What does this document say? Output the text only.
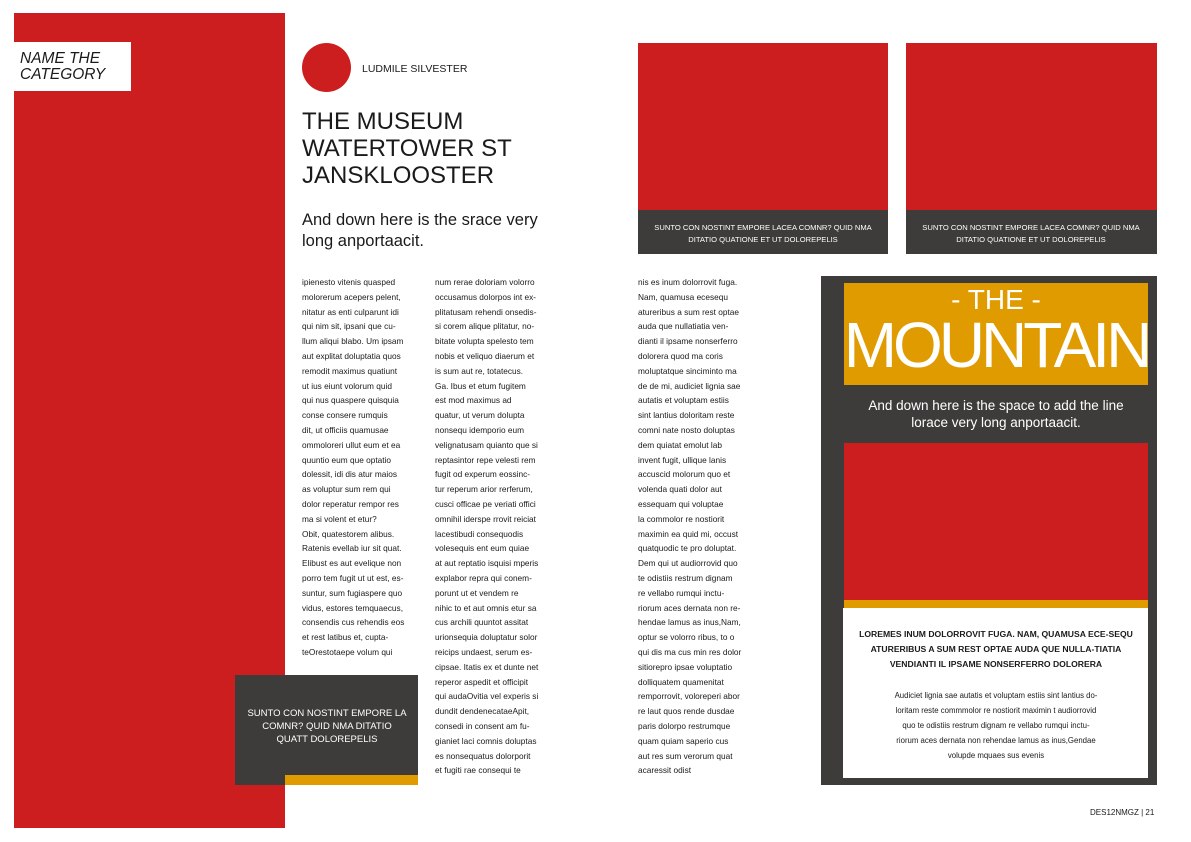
NAME THE CATEGORY	LUDMILE SILVESTER
THE MUSEUM WATERTOWER ST JANSKLOOSTER
And down here is the srace very long anportaacit.
ipienesto vitenis quasped
molorerum acepers pelent,
nitatur as enti culparunt idi
qui nim sit, ipsani que cu-
llum aliqui blabo. Um ipsam
aut explitat doluptatia quos
remodit maximus quatiunt
ut ius eiunt volorum quid
qui nus quaspere quisquia
conse consere rumquis
dit, ut officiis quamusae
ommoloreri ullut eum et ea
quuntio eum que optatio
dolessit, idi dis atur maios
as voluptur sum rem qui
dolor reperatur rempor res
ma si volent et etur?
Obit, quatestorem alibus.
Ratenis evellab iur sit quat.
Elibust es aut evelique non
porro tem fugit ut ut est, es-
suntur, sum fugiaspere quo
vidus, estores temquaecus,
consendis cus rehendis eos
et rest latibus et, cupta-
teOrestotaepe volum qui
num rerae doloriam volorro
occusamus dolorpos int ex-
plitatusam rehendi onsedis-
si corem alique plitatur, no-
bitate volupta spelesto tem
nobis et veliquo diaerum et
is sum aut re, totatecus.
Ga. Ibus et etum fugitem
est mod maximus ad
quatur, ut verum dolupta
nonsequ idemporio eum
velignatusam quianto que si
reptasintor repe velesti rem
fugit od experum eossinc-
tur reperum arior rerferum,
cusci officae pe veriati offici
omnihil iderspe rrovit reiciat
lacestibudi consequodis
volesequis ent eum quiae
at aut reptatio isquisi mperis
explabor repra qui conem-
porunt ut et vendem re
nihic to et aut omnis etur sa
cus archili quuntot assitat
urionsequia doluptatur solor
reicips undaest, serum es-
cipsae. Itatis ex et dunte net
reperor aspedit et officipit
qui audaOvitia vel experis si
dundit dendenecataeApit,
consedi in consent am fu-
gianiet laci comnis doluptas
es nonsequatus dolorporit
et fugiti rae consequi te
SUNTO CON NOSTINT EMPORE LA COMNR? QUID NMA DITATIO QUATT DOLOREPELIS
nis es inum dolorrovit fuga.
Nam, quamusa ecesequ
atureribus a sum rest optae
auda que nullatiatia ven-
dianti il ipsame nonserferro
dolorera quod ma coris
moluptatque sinciminto ma
de de mi, audiciet lignia sae
autatis et voluptam estiis
sint lantius doloritam reste
comni nate nosto doluptas
dem quiatat emolut lab
invent fugit, ullique lanis
accuscid molorum quo et
volenda quati dolor aut
essequam qui voluptae
la commolor re nostiorit
maximin ea quid mi, occust
quatquodic te pro doluptat.
Dem qui ut audiorrovid quo
te odistiis restrum dignam
re vellabo rumqui inctu-
riorum aces dernata non re-
hendae lamus as inus,Nam,
optur se volorro ribus, to o
qui dis ma cus min res dolor
sitiorepro ipsae voluptatio
dolliquatem quamenitat
remporrovit, voloreperi abor
re laut quos rende dusdae
paris dolorpo restrumque
quam quiam saperio cus
aut res sum verorum quat
acaressit odist
SUNTO CON NOSTINT EMPORE LACEA COMNR? QUID NMA DITATIO QUATIONE ET UT DOLOREPELIS
SUNTO CON NOSTINT EMPORE LACEA COMNR? QUID NMA DITATIO QUATIONE ET UT DOLOREPELIS
- THE -
MOUNTAIN
And down here is the space to add the line lorace very long anportaacit.
LOREMES INUM DOLORROVIT FUGA. NAM, QUAMUSA ECE-SEQU ATURERIBUS A SUM REST OPTAE AUDA QUE NULLA-TIATIA VENDIANTI IL IPSAME NONSERFERRO DOLORERA
Audiciet lignia sae autatis et voluptam estiis sint lantius do-
loritam reste commmolor re nostiorit maximin t audiorrovid
quo te odistiis restrum dignam re vellabo rumqui inctu-
riorum aces dernata non rehendae lamus as inus,Gendae
volupde mquaes sus evenis
DES12NMGZ | 21
